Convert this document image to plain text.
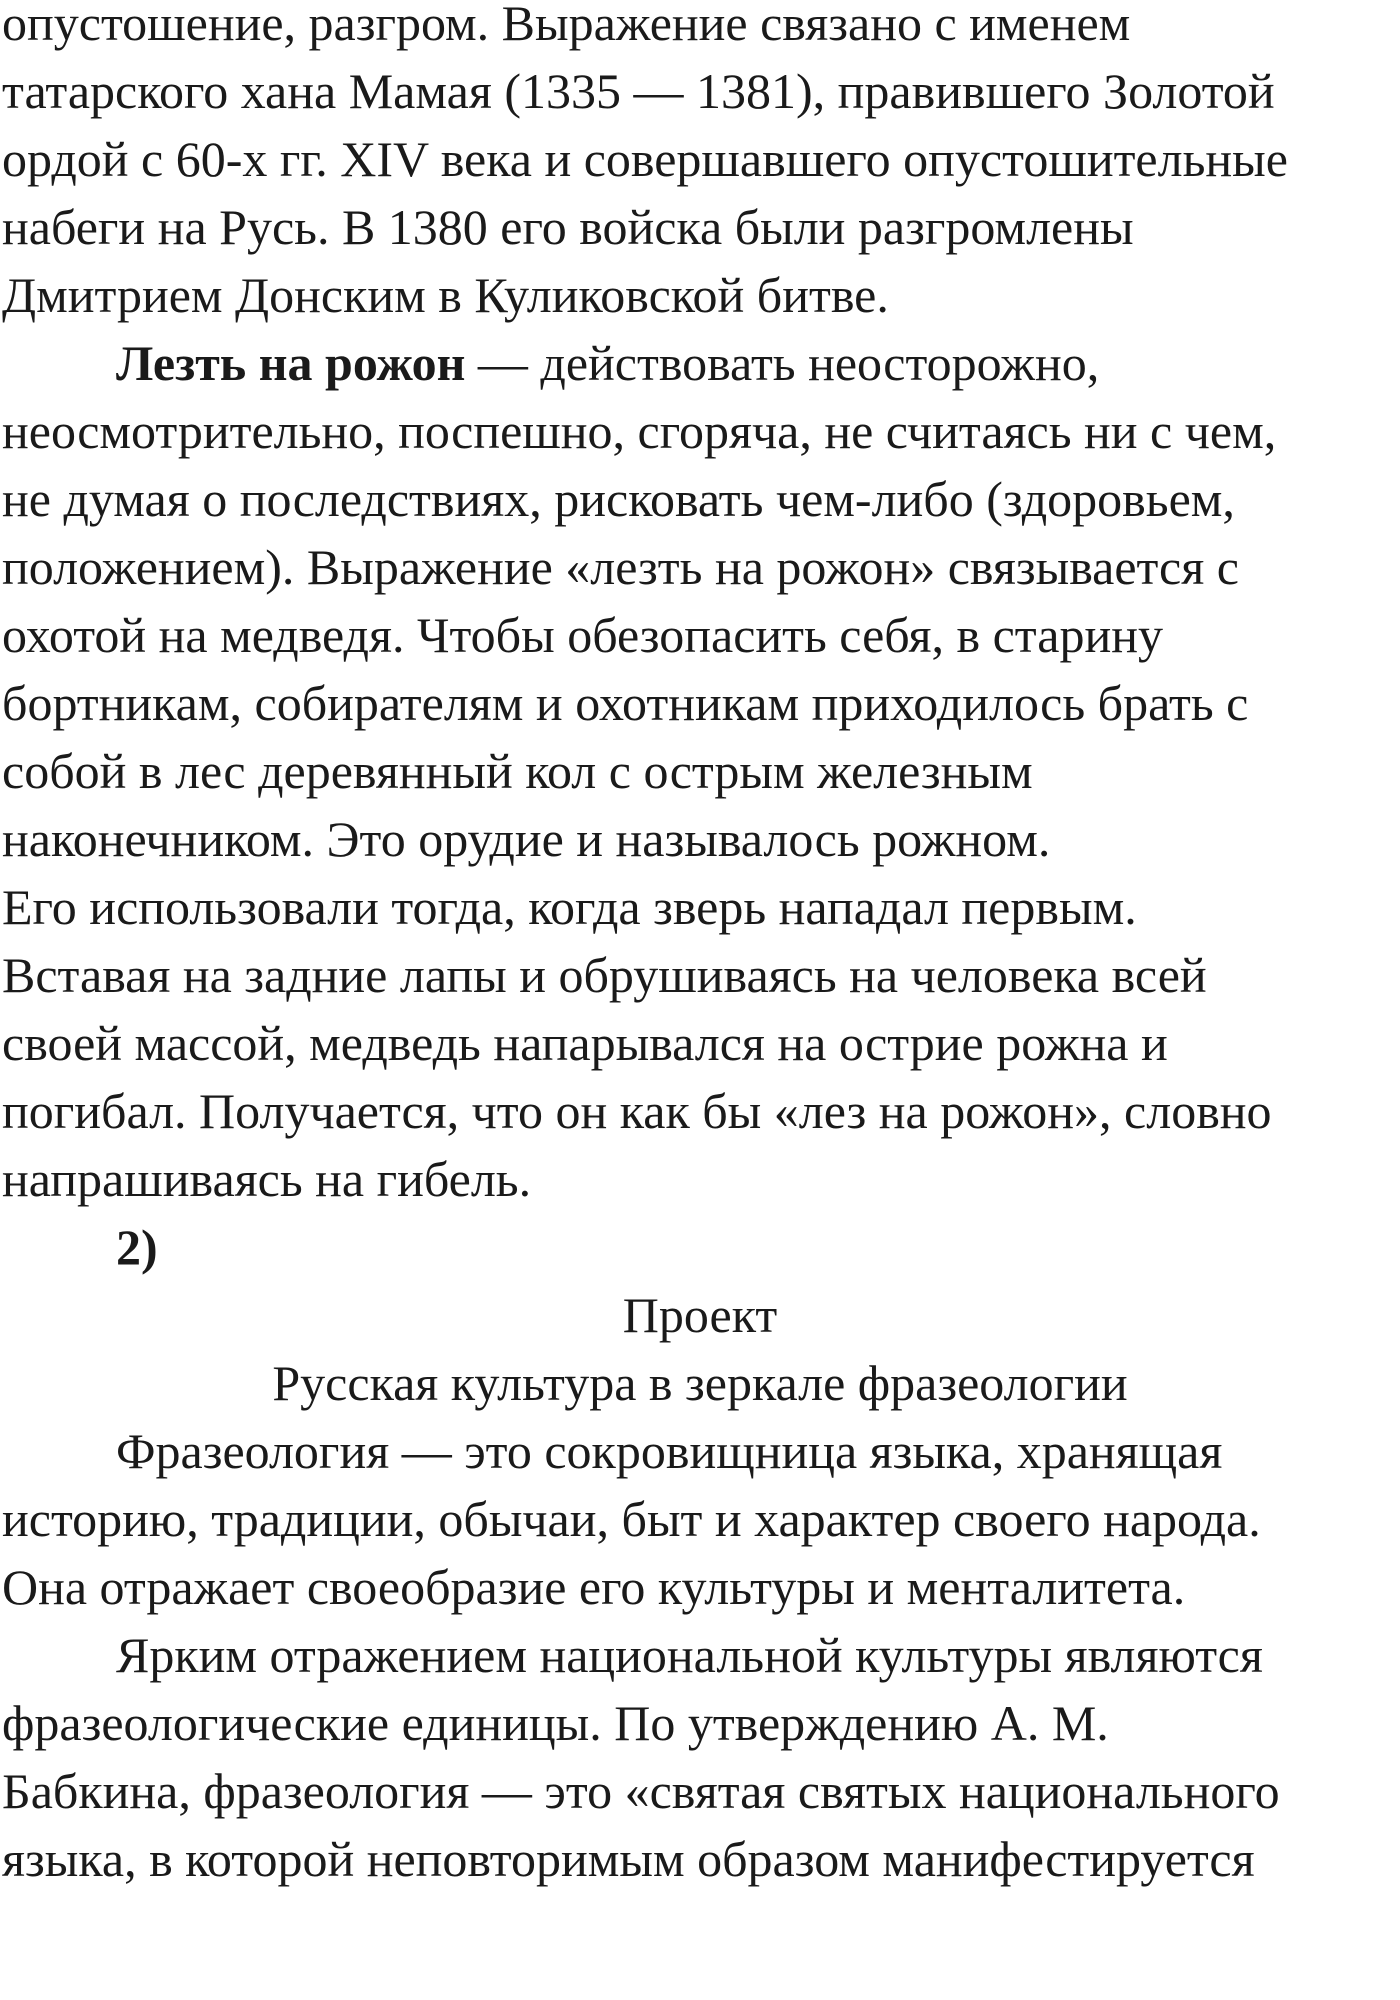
опустошение, разгром. Выражение связано с именем
татарского хана Мамая (1335 — 1381), правившего Золотой
ордой с 60-х гг. XIV века и совершавшего опустошительные
набеги на Русь. В 1380 его войска были разгромлены
Дмитрием Донским в Куликовской битве.
Лезть на рожон — действовать неосторожно,
неосмотрительно, поспешно, сгоряча, не считаясь ни с чем,
не думая о последствиях, рисковать чем-либо (здоровьем,
положением). Выражение «лезть на рожон» связывается с
охотой на медведя. Чтобы обезопасить себя, в старину
бортникам, собирателям и охотникам приходилось брать с
собой в лес деревянный кол с острым железным
наконечником. Это орудие и называлось рожном.
Его использовали тогда, когда зверь нападал первым.
Вставая на задние лапы и обрушиваясь на человека всей
своей массой, медведь напарывался на острие рожна и
погибал. Получается, что он как бы «лез на рожон», словно
напрашиваясь на гибель.
2)
Проект
Русская культура в зеркале фразеологии
Фразеология — это сокровищница языка, хранящая
историю, традиции, обычаи, быт и характер своего народа.
Она отражает своеобразие его культуры и менталитета.
Ярким отражением национальной культуры являются
фразеологические единицы. По утверждению А. М.
Бабкина, фразеология — это «святая святых национального
языка, в которой неповторимым образом манифестируется
